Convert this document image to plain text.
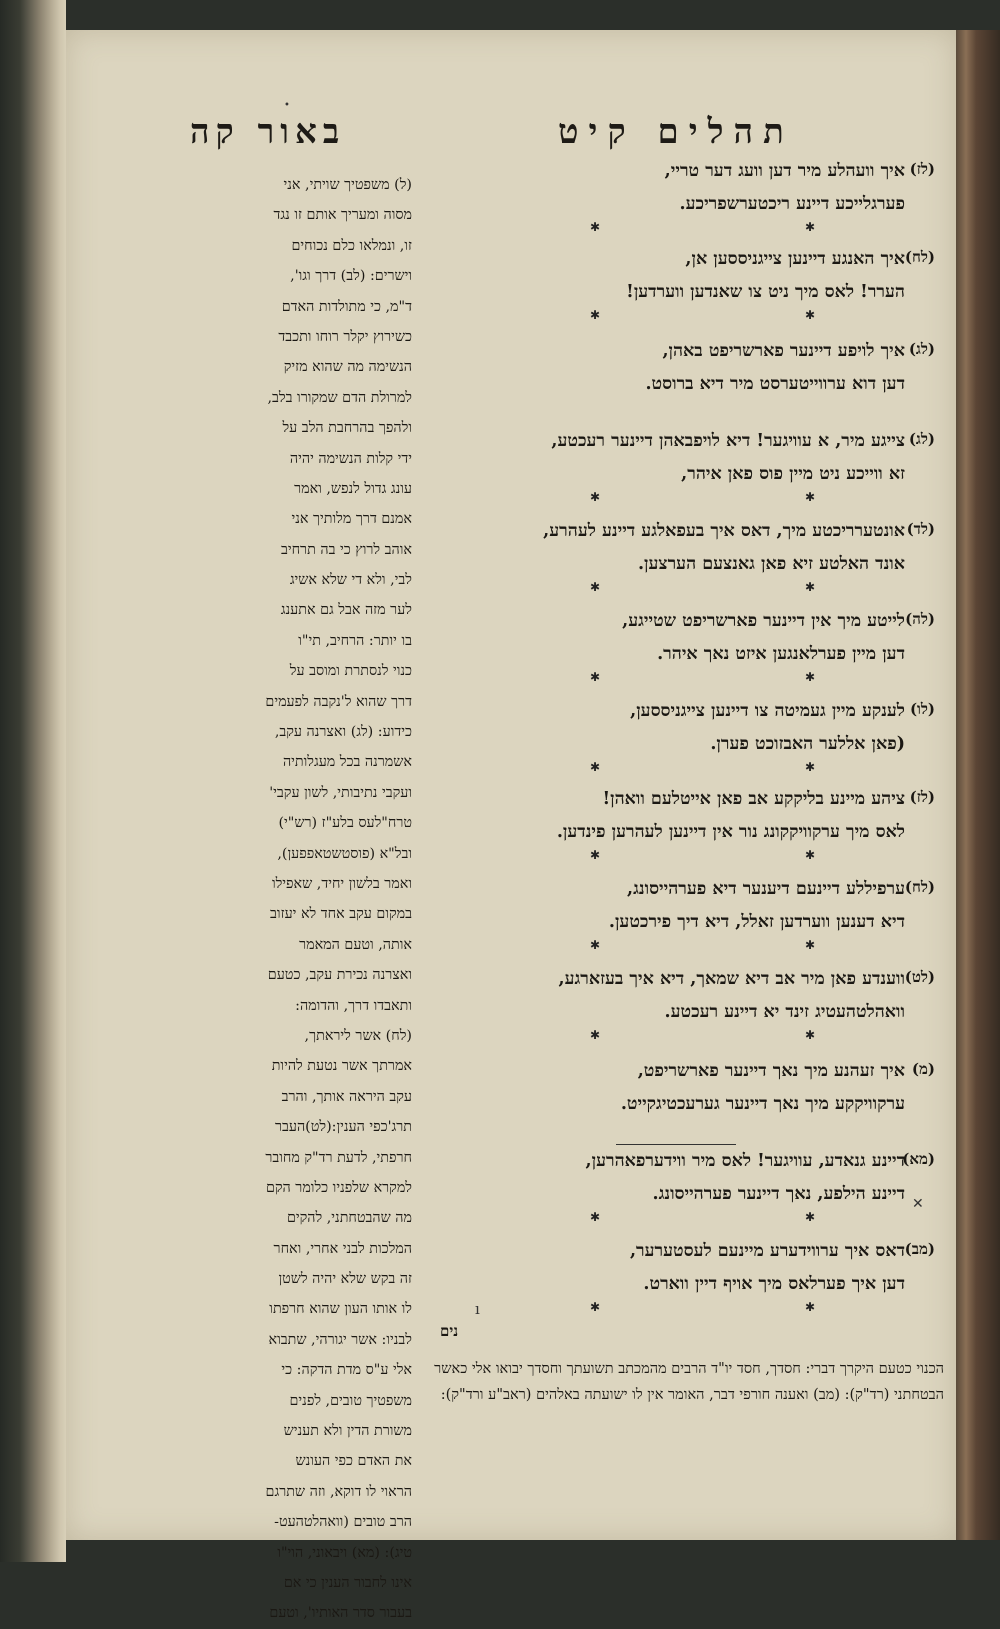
תהלים קיט
באור קה
•
(לז)
איך וועהלע מיר דען וועג דער טריי,
פערגלייכע דיינע ריכטערשפריכע.
✱
✱
(לח)
איך האנגע דיינען צייגניססען אן,
הערר! לאס מיך ניט צו שאנדען ווערדען!
✱
✱
(לג)
איך לויפע דיינער פארשריפט באהן,
דען דוא ערווייטערסט מיר דיא ברוסט.
(לג)
צייגע מיר, א עוויגער! דיא לויפבאהן דיינער רעכטע,
זא ווייכע ניט מיין פוס פאן איהר,
✱
✱
(לד)
אונטערריכטע מיך, דאס איך בעפאלגע דיינע לעהרע,
אונד האלטע זיא פאן גאנצעם הערצען.
✱
✱
(לה)
לייטע מיך אין דיינער פארשריפט שטייגע,
דען מיין פערלאנגען איזט נאך איהר.
✱
✱
(לו)
לענקע מיין געמיטה צו דיינען צייגניססען,
(פאן אללער האבזוכט פערן.
✱
✱
(לז)
ציהע מיינע בליקקע אב פאן אייטלעם וואהן!
לאס מיך ערקוויקקונג נור אין דיינען לעהרען פינדען.
✱
✱
(לח)
ערפיללע דיינעם דיענער דיא פערהייסונג,
דיא דענען ווערדען זאלל, דיא דיך פירכטען.
✱
✱
(לט)
ווענדע פאן מיר אב דיא שמאך, דיא איך בעזארגע,
וואהלטהעטיג זינד יא דיינע רעכטע.
✱
✱
(מ)
איך זעהנע מיך נאך דיינער פארשריפט,
ערקוויקקע מיך נאך דיינער גערעכטיגקייט.
(מא)
דיינע גנאדע, עוויגער! לאס מיר ווידערפאהרען,
דיינע הילפע, נאך דיינער פערהייסונג.
✱
✱
(מב)
דאס איך ערווידערע מיינעם לעסטערער,
דען איך פערלאס מיך אויף דיין ווארט.
✱
✱
(ל) משפטיך שויתי, אני
מסוה ומעריך אותם זו נגד
זו, ונמלאו כלם נכוחים
וישרים: (לב) דרך וגו',
ד"מ, כי מתולדות האדם
כשירוץ יקלר רוחו ותכבד
הנשימה מה שהוא מזיק
למרולת הדם שמקורו בלב,
ולהפך בהרחבת הלב על
ידי קלות הנשימה יהיה
עונג גדול לנפש, ואמר
אמנם דרך מלותיך אני
אוהב לרוץ כי בה תרחיב
לבי, ולא די שלא אשיג
לער מזה אבל גם אתענג
בו יותר: הרחיב, תי"ו
כנוי לנסתרת ומוסב על
דרך שהוא ל'נקבה לפעמים
כידוע: (לג) ואצרנה עקב,
אשמרנה בכל מעגלותיה
ועקבי נתיבותי, לשון עקבי'
טרח"לעס בלע"ז (רש"י)
ובל"א (פוסטשטאפפען),
ואמר בלשון יחיד, שאפילו
במקום עקב אחד לא יעזוב
אותה, וטעם המאמר
ואצרנה נכירת עקב, כטעם
ותאבדו דרך, והדומה:
(לח) אשר ליראתך,
אמרתך אשר נטעת להיות
עקב היראה אותך, והרב
תרג'כפי הענין:(לט)העבר
חרפתי, לדעת רד"ק מחובר
למקרא שלפניו כלומר הקם
מה שהבטחתני, להקים
המלכות לבני אחרי, ואחר
זה בקש שלא יהיה לשטן
לו אותו העון שהוא חרפתו
לבניו: אשר יגורהי, שתבוא
אלי ע"ס מדת הדקה: כי
משפטיך טובים, לפנים
משורת הדין ולא תעניש
את האדם כפי העונש
הראוי לו דוקא, וזה שתרגם
הרב טובים (וואהלטהעט-
טיג): (מא) ויבאוני, הוי"ו
אינו לחבור הענין כי אם
בעבור סדר האותיו', וטעם
ı
✕
נים
הכנוי כטעם היקרך דברי: חסדך, חסד יו"ד הרבים מהמכתב תשועתך וחסדך יבואו אלי כאשר
הבטחתני (רד"ק): (מב) ואענה חורפי דבר, האומר אין לו ישועתה באלהים (ראב"ע ורד"ק):
